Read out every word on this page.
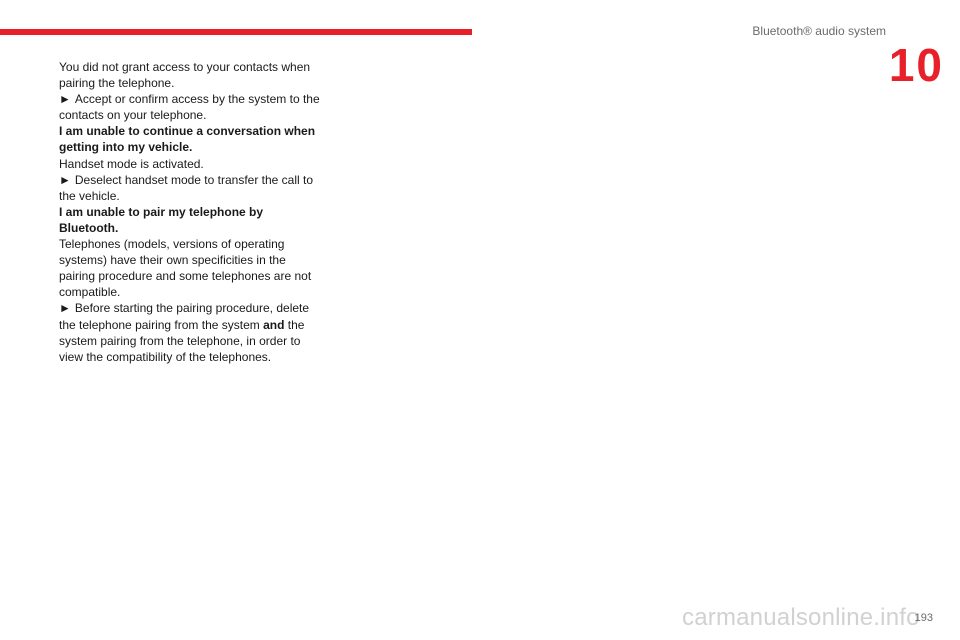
Bluetooth® audio system
10

You did not grant access to your contacts when pairing the telephone.

► Accept or confirm access by the system to the contacts on your telephone.

I am unable to continue a conversation when getting into my vehicle.

Handset mode is activated.

► Deselect handset mode to transfer the call to the vehicle.

I am unable to pair my telephone by Bluetooth.

Telephones (models, versions of operating systems) have their own specificities in the pairing procedure and some telephones are not compatible.

► Before starting the pairing procedure, delete the telephone pairing from the system and the system pairing from the telephone, in order to view the compatibility of the telephones.

carmanualsonline.info
193
